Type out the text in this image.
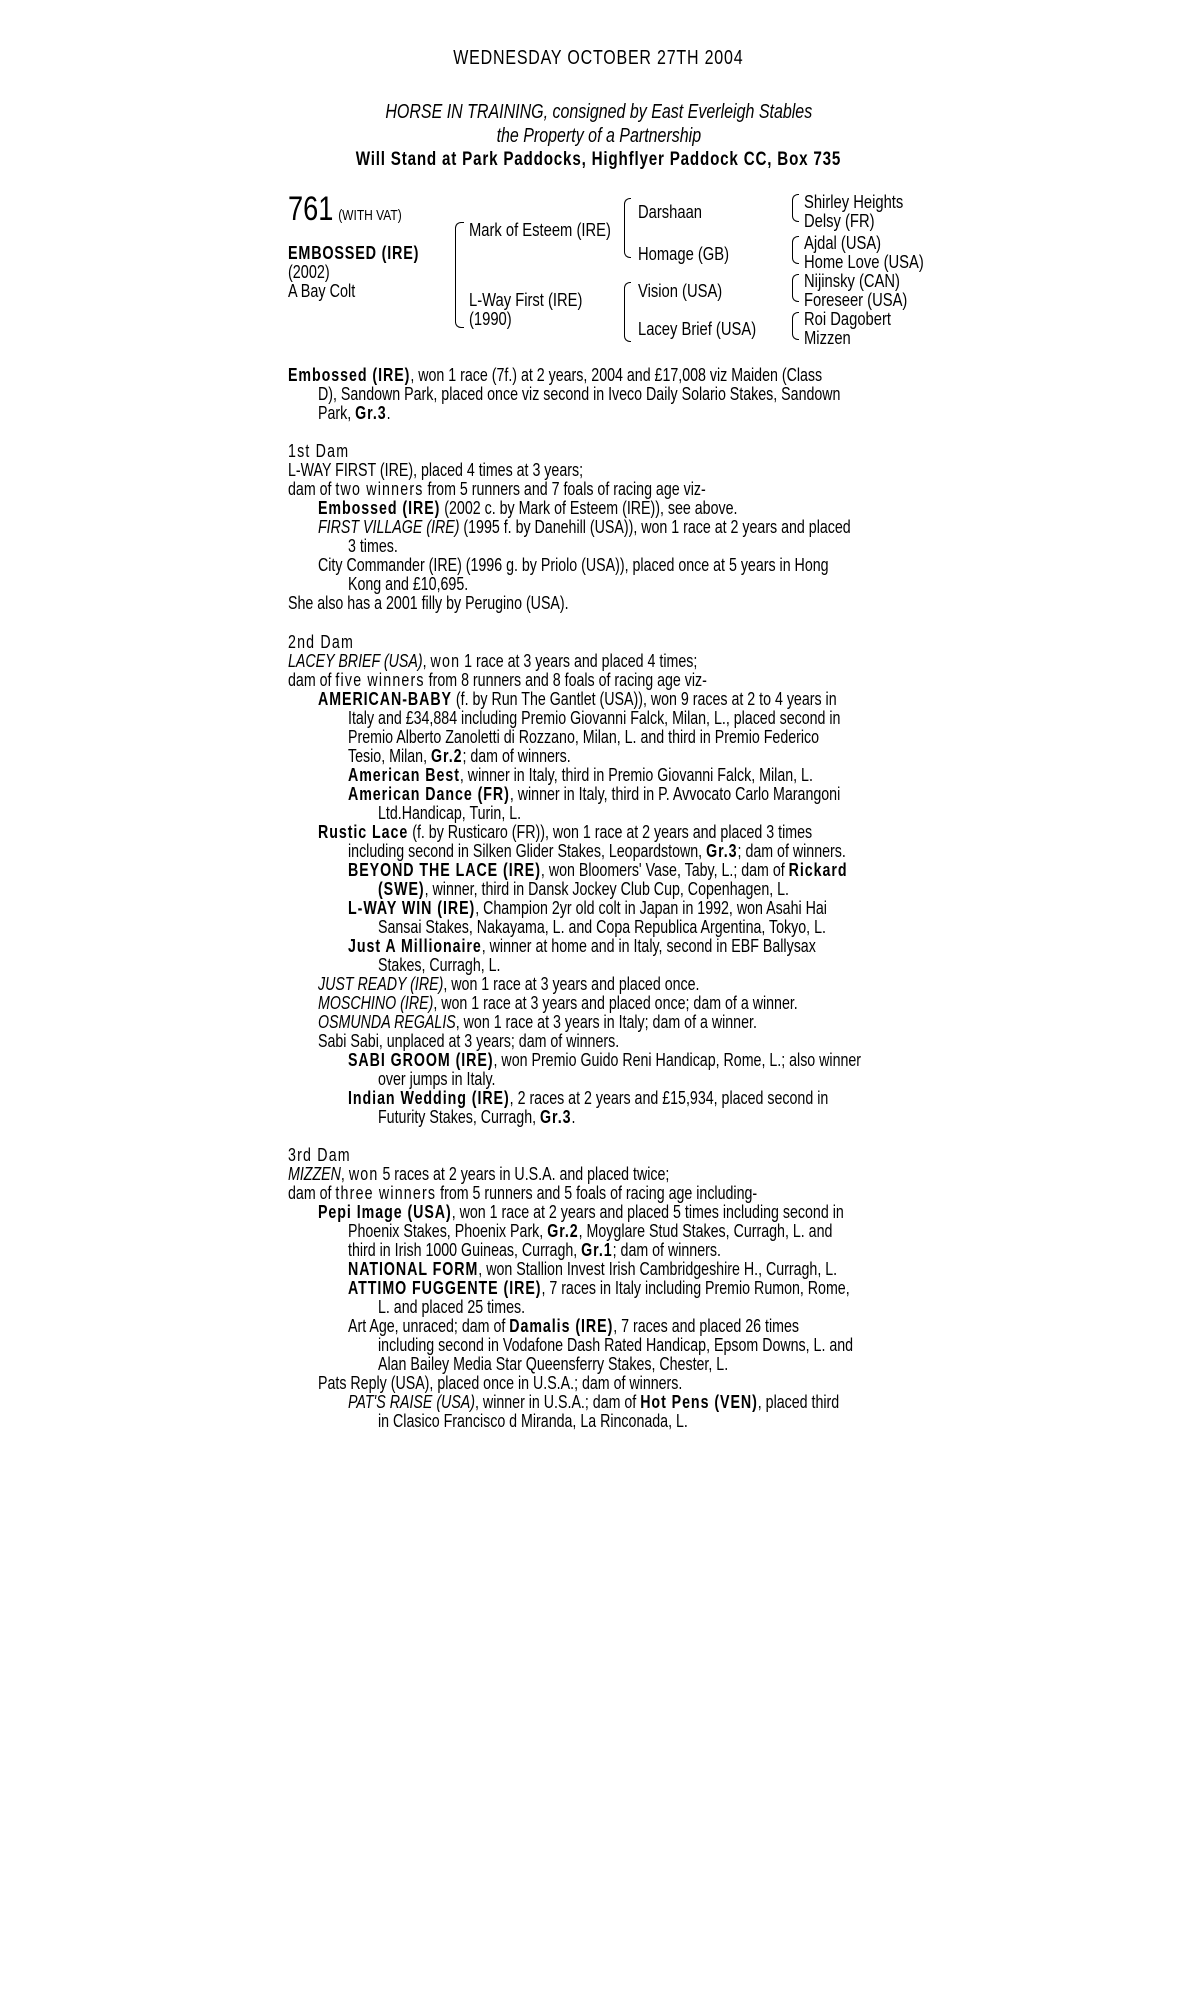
WEDNESDAY OCTOBER 27TH 2004
HORSE IN TRAINING, consigned by East Everleigh Stables
the Property of a Partnership
Will Stand at Park Paddocks, Highflyer Paddock CC, Box 735
761 (WITH VAT)
EMBOSSED (IRE)
(2002)
A Bay Colt
Mark of Esteem (IRE)
L-Way First (IRE)
(1990)
Darshaan
Homage (GB)
Vision (USA)
Lacey Brief (USA)
Shirley Heights
Delsy (FR)
Ajdal (USA)
Home Love (USA)
Nijinsky (CAN)
Foreseer (USA)
Roi Dagobert
Mizzen
Embossed (IRE), won 1 race (7f.) at 2 years, 2004 and £17,008 viz Maiden (Class
D), Sandown Park, placed once viz second in Iveco Daily Solario Stakes, Sandown
Park, Gr.3.
1st Dam
L-WAY FIRST (IRE), placed 4 times at 3 years;
dam of two winners from 5 runners and 7 foals of racing age viz-
Embossed (IRE) (2002 c. by Mark of Esteem (IRE)), see above.
FIRST VILLAGE (IRE) (1995 f. by Danehill (USA)), won 1 race at 2 years and placed
3 times.
City Commander (IRE) (1996 g. by Priolo (USA)), placed once at 5 years in Hong
Kong and £10,695.
She also has a 2001 filly by Perugino (USA).
2nd Dam
LACEY BRIEF (USA), won 1 race at 3 years and placed 4 times;
dam of five winners from 8 runners and 8 foals of racing age viz-
AMERICAN-BABY (f. by Run The Gantlet (USA)), won 9 races at 2 to 4 years in
Italy and £34,884 including Premio Giovanni Falck, Milan, L., placed second in
Premio Alberto Zanoletti di Rozzano, Milan, L. and third in Premio Federico
Tesio, Milan, Gr.2; dam of winners.
American Best, winner in Italy, third in Premio Giovanni Falck, Milan, L.
American Dance (FR), winner in Italy, third in P. Avvocato Carlo Marangoni
Ltd.Handicap, Turin, L.
Rustic Lace (f. by Rusticaro (FR)), won 1 race at 2 years and placed 3 times
including second in Silken Glider Stakes, Leopardstown, Gr.3; dam of winners.
BEYOND THE LACE (IRE), won Bloomers' Vase, Taby, L.; dam of Rickard
(SWE), winner, third in Dansk Jockey Club Cup, Copenhagen, L.
L-WAY WIN (IRE), Champion 2yr old colt in Japan in 1992, won Asahi Hai
Sansai Stakes, Nakayama, L. and Copa Republica Argentina, Tokyo, L.
Just A Millionaire, winner at home and in Italy, second in EBF Ballysax
Stakes, Curragh, L.
JUST READY (IRE), won 1 race at 3 years and placed once.
MOSCHINO (IRE), won 1 race at 3 years and placed once; dam of a winner.
OSMUNDA REGALIS, won 1 race at 3 years in Italy; dam of a winner.
Sabi Sabi, unplaced at 3 years; dam of winners.
SABI GROOM (IRE), won Premio Guido Reni Handicap, Rome, L.; also winner
over jumps in Italy.
Indian Wedding (IRE), 2 races at 2 years and £15,934, placed second in
Futurity Stakes, Curragh, Gr.3.
3rd Dam
MIZZEN, won 5 races at 2 years in U.S.A. and placed twice;
dam of three winners from 5 runners and 5 foals of racing age including-
Pepi Image (USA), won 1 race at 2 years and placed 5 times including second in
Phoenix Stakes, Phoenix Park, Gr.2, Moyglare Stud Stakes, Curragh, L. and
third in Irish 1000 Guineas, Curragh, Gr.1; dam of winners.
NATIONAL FORM, won Stallion Invest Irish Cambridgeshire H., Curragh, L.
ATTIMO FUGGENTE (IRE), 7 races in Italy including Premio Rumon, Rome,
L. and placed 25 times.
Art Age, unraced; dam of Damalis (IRE), 7 races and placed 26 times
including second in Vodafone Dash Rated Handicap, Epsom Downs, L. and
Alan Bailey Media Star Queensferry Stakes, Chester, L.
Pats Reply (USA), placed once in U.S.A.; dam of winners.
PAT'S RAISE (USA), winner in U.S.A.; dam of Hot Pens (VEN), placed third
in Clasico Francisco d Miranda, La Rinconada, L.
